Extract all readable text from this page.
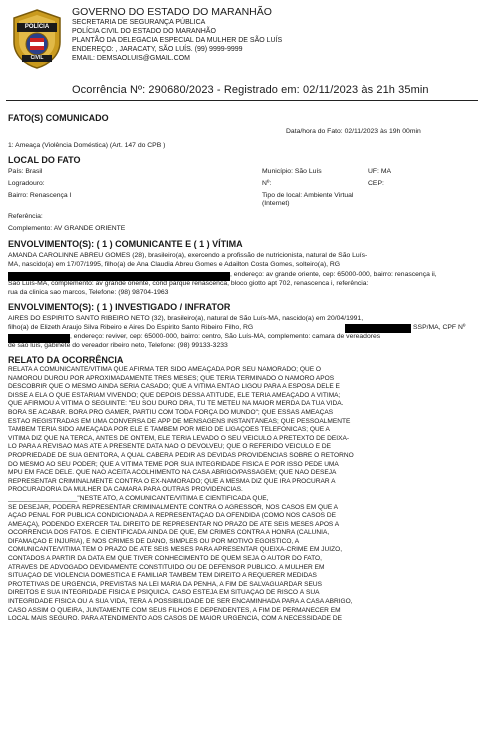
POLÍCIA
CIVIL
GOVERNO DO ESTADO DO MARANHÃO
SECRETARIA DE SEGURANÇA PÚBLICA
POLÍCIA CIVIL DO ESTADO DO MARANHÃO
PLANTÃO DA DELEGACIA ESPECIAL DA MULHER DE SÃO LUÍS
ENDEREÇO: , JARACATY, SÃO LUÍS. (99) 9999-9999
EMAIL: DEMSAOLUIS@GMAIL.COM
Ocorrência Nº: 290680/2023 - Registrado em: 02/11/2023 às 21h 35min
FATO(S) COMUNICADO
Data/hora do Fato: 02/11/2023 às 19h 00min
1: Ameaça (Violência Doméstica) (Art. 147 do CPB )
LOCAL DO FATO
País: Brasil	Município: São Luís	UF: MA
Logradouro:	Nº:	CEP:
Bairro: Renascença I	Tipo de local: Ambiente Virtual (Internet)
Referência:
Complemento: AV GRANDE ORIENTE
ENVOLVIMENTO(S): ( 1 ) COMUNICANTE E ( 1 ) VÍTIMA
AMANDA CAROLINNE ABREU GOMES (28), brasileiro(a), exercendo a profissão de nutricionista, natural de São Luís-
MA, nascido(a) em 17/07/1995, filho(a) de Ana Claudia Abreu Gomes e Adailton Costa Gomes, solteiro(a), RG
, endereço: av grande oriente, cep: 65000-000, bairro: renascença ii,
São Luís-MA, complemento: av grande oriente, cond parque renascenca, bloco giotto apt 702, renascenca i, referência:
rua da clinica sao marcos, Telefone: (98) 98704-1963
ENVOLVIMENTO(S): ( 1 ) INVESTIGADO / INFRATOR
AIRES DO ESPIRITO SANTO RIBEIRO NETO (32), brasileiro(a), natural de São Luís-MA, nascido(a) em 20/04/1991,
filho(a) de Elizeth Araujo Silva Ribeiro e Aires Do Espirito Santo Ribeiro Filho, RG	SSP/MA, CPF Nº
, endereço: reviver, cep: 65000-000, bairro: centro, São Luís-MA, complemento: camara de vereadores
de sao luis, gabinete do vereador ribeiro neto, Telefone: (98) 99133-3233
RELATO DA OCORRÊNCIA
RELATA A COMUNICANTE/VÍTIMA QUE AFIRMA TER SIDO AMEAÇADA POR SEU NAMORADO; QUE O
NAMOROU DUROU POR APROXIMADAMENTE TRÊS MESES; QUE TERIA TERMINADO O NAMORO APOS
DESCOBRIR QUE O MESMO AINDA SERIA CASADO; QUE A VITIMA ENTÃO LIGOU PARA A ESPOSA DELE E
DISSE A ELA O QUE ESTARIAM VIVENDO; QUE DEPOIS DESSA ATITUDE, ELE TERIA AMEAÇADO A VITIMA;
QUE AFIRMOU A VITIMA O SEGUINTE: "EU SOU DURO DRA, TU TE METEU NA MAIOR MERDA DA TUA VIDA.
BORA SE ACABAR. BORA PRO GAMER, PARTIU COM TODA FORÇA DO MUNDO"; QUE ESSAS AMEAÇAS
ESTÃO REGISTRADAS EM UMA CONVERSA DE APP DE MENSAGENS INSTANTÂNEAS; QUE PESSOALMENTE
TAMBÉM TERIA SIDO AMEAÇADA POR ELE E TAMBÉM POR MEIO DE LIGAÇÕES TELEFÔNICAS; QUE A
VITIMA DIZ QUE NA TERCA, ANTES DE ONTEM, ELE TERIA LEVADO O SEU VEICULO A PRETEXTO DE DEIXA-
LO PARA A REVISÃO MAS ATE A PRESENTE DATA NÃO O DEVOLVEU; QUE O REFERIDO VEICULO É DE
PROPRIEDADE DE SUA GENITORA, A QUAL CABERÁ PEDIR AS DEVIDAS PROVIDENCIAS SOBRE O RETORNO
DO MESMO AO SEU PODER; QUE A VITIMA TEME POR SUA INTEGRIDADE FÍSICA E POR ISSO PEDE UMA
MPU EM FACE DELE. QUE NÃO ACEITA ACOLHIMENTO NA CASA ABRIGO/PASSAGEM; QUE NÃO DESEJA
REPRESENTAR CRIMINALMENTE CONTRA O EX-NAMORADO; QUE A MESMA DIZ QUE IRA PROCURAR A
PROCURADORIA DA MULHER DA CAMARA PARA OUTRAS PROVIDENCIAS.
___________________"NESTE ATO, A COMUNICANTE/VÍTIMA É CIENTIFICADA QUE,
SE DESEJAR, PODERÁ REPRESENTAR CRIMINALMENTE CONTRA O AGRESSOR, NOS CASOS EM QUE A
AÇÃO PENAL FOR PÚBLICA CONDICIONADA À REPRESENTAÇÃO DA OFENDIDA (COMO NOS CASOS DE
AMEAÇA), PODENDO EXERCER TAL DIREITO DE REPRESENTAR NO PRAZO DE ATÉ SEIS MESES APÓS A
OCORRÊNCIA DOS FATOS. É CIENTIFICADA AINDA DE QUE, EM CRIMES CONTRA A HONRA (CALÚNIA,
DIFAMAÇÃO E INJÚRIA), E NOS CRIMES DE DANO, SIMPLES OU POR MOTIVO EGOÍSTICO, A
COMUNICANTE/VÍTIMA TEM O PRAZO DE ATÉ SEIS MESES PARA APRESENTAR QUEIXA-CRIME EM JUÍZO,
CONTADOS A PARTIR DA DATA EM QUE TIVER CONHECIMENTO DE QUEM SEJA O AUTOR DO FATO,
ATRAVÉS DE ADVOGADO DEVIDAMENTE CONSTITUÍDO OU DE DEFENSOR PÚBLICO. A MULHER EM
SITUAÇÃO DE VIOLÊNCIA DOMÉSTICA E FAMILIAR TAMBÉM TEM DIREITO A REQUERER MEDIDAS
PROTETIVAS DE URGÊNCIA, PREVISTAS NA LEI MARIA DA PENHA, A FIM DE SALVAGUARDAR SEUS
DIREITOS E SUA INTEGRIDADE FÍSICA E PSÍQUICA. CASO ESTEJA EM SITUAÇÃO DE RISCO À SUA
INTEGRIDADE FÍSICA OU À SUA VIDA, TERÁ A POSSIBILIDADE DE SER ENCAMINHADA PARA A CASA ABRIGO,
CASO ASSIM O QUEIRA, JUNTAMENTE COM SEUS FILHOS E DEPENDENTES, A FIM DE PERMANECER EM
LOCAL MAIS SEGURO. PARA ATENDIMENTO AOS CASOS DE MAIOR URGÊNCIA, COM A NECESSIDADE DE
